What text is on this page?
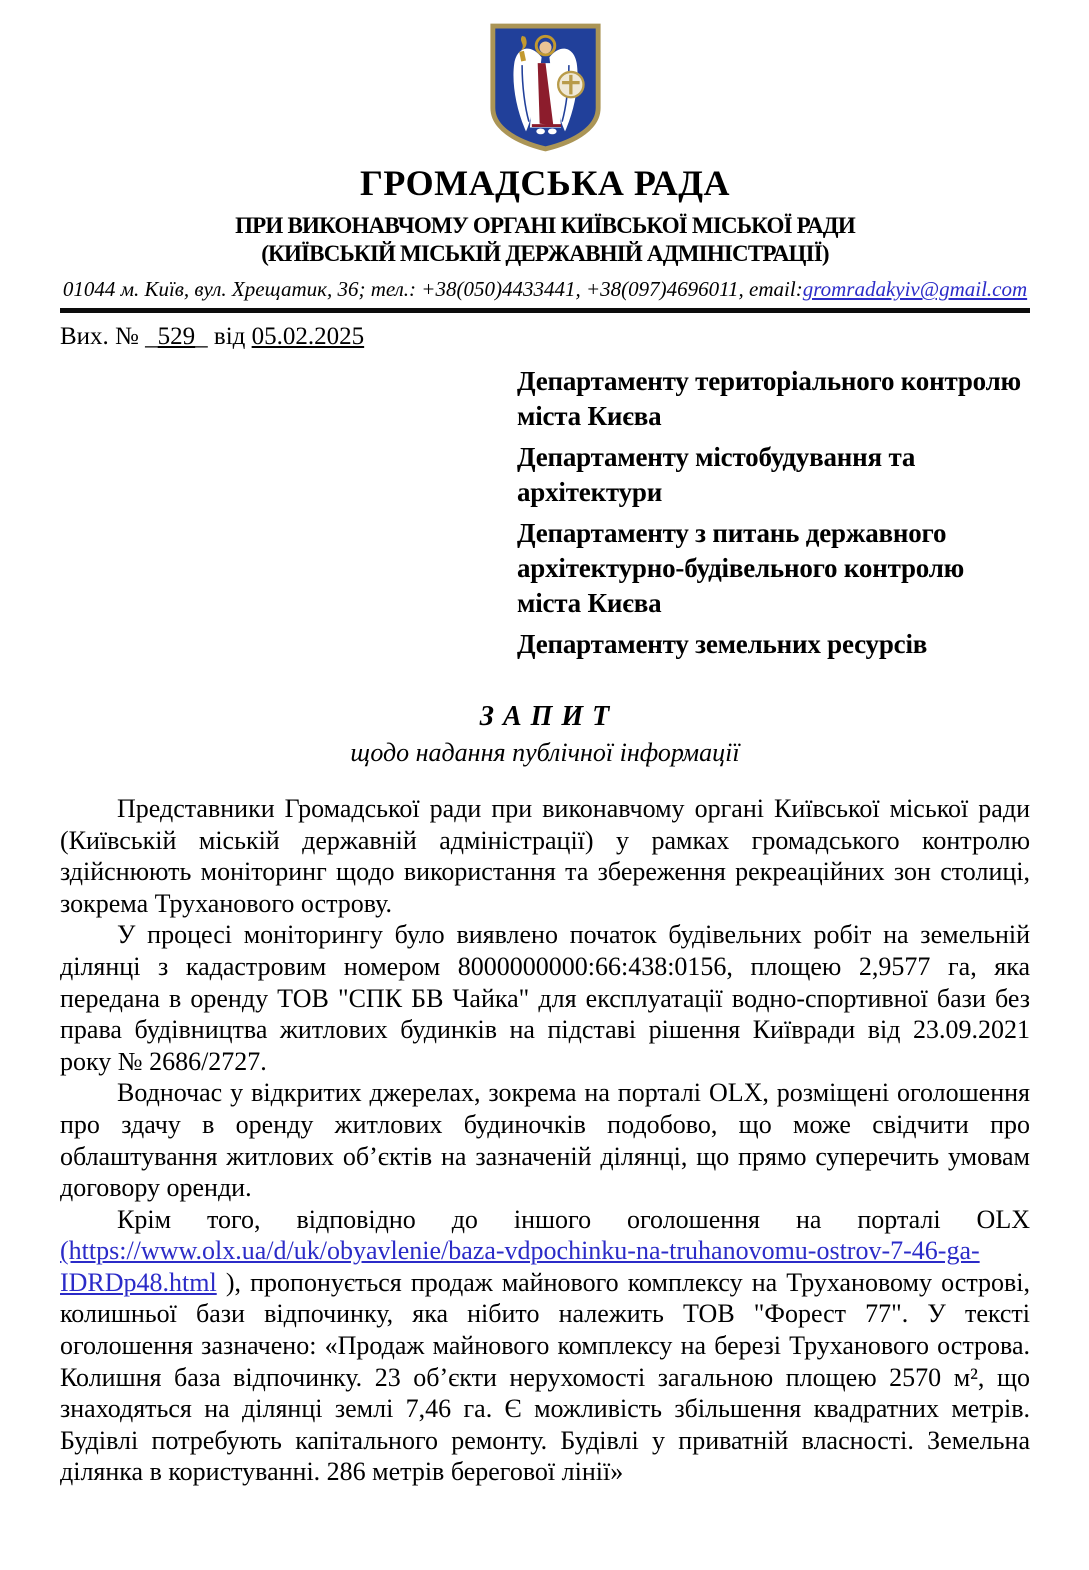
ГРОМАДСЬКА РАДА
ПРИ ВИКОНАВЧОМУ ОРГАНІ КИЇВСЬКОЇ МІСЬКОЇ РАДИ
(КИЇВСЬКІЙ МІСЬКІЙ ДЕРЖАВНІЙ АДМІНІСТРАЦІЇ)
01044 м. Київ, вул. Хрещатик, 36; тел.: +38(050)4433441, +38(097)4696011, email:gromradakyiv@gmail.com
Вих. № _529_ від 05.02.2025
Департаменту територіального контролю міста Києва
Департаменту містобудування та архітектури
Департаменту з питань державного архітектурно-будівельного контролю міста Києва
Департаменту земельних ресурсів
З А П И Т
щодо надання публічної інформації

Представники Громадської ради при виконавчому органі Київської міської ради (Київській міській державній адміністрації) у рамках громадського контролю здійснюють моніторинг щодо використання та збереження рекреаційних зон столиці, зокрема Труханового острову.

У процесі моніторингу було виявлено початок будівельних робіт на земельній ділянці з кадастровим номером 8000000000:66:438:0156, площею 2,9577 га, яка передана в оренду ТОВ "СПК БВ Чайка" для експлуатації водно-спортивної бази без права будівництва житлових будинків на підставі рішення Київради від 23.09.2021 року № 2686/2727.

Водночас у відкритих джерелах, зокрема на порталі OLX, розміщені оголошення про здачу в оренду житлових будиночків подобово, що може свідчити про облаштування житлових об’єктів на зазначеній ділянці, що прямо суперечить умовам договору оренди.

Крім того, відповідно до іншого оголошення на порталі OLX (https://www.olx.ua/d/uk/obyavlenie/baza-vdpochinku-na-truhanovomu-ostrov-7-46-ga-IDRDp48.html ), пропонується продаж майнового комплексу на Трухановому острові, колишньої бази відпочинку, яка нібито належить ТОВ "Форест 77". У тексті оголошення зазначено: «Продаж майнового комплексу на березі Труханового острова. Колишня база відпочинку. 23 об’єкти нерухомості загальною площею 2570 м², що знаходяться на ділянці землі 7,46 га. Є можливість збільшення квадратних метрів. Будівлі потребують капітального ремонту. Будівлі у приватній власності. Земельна ділянка в користуванні. 286 метрів берегової лінії»
